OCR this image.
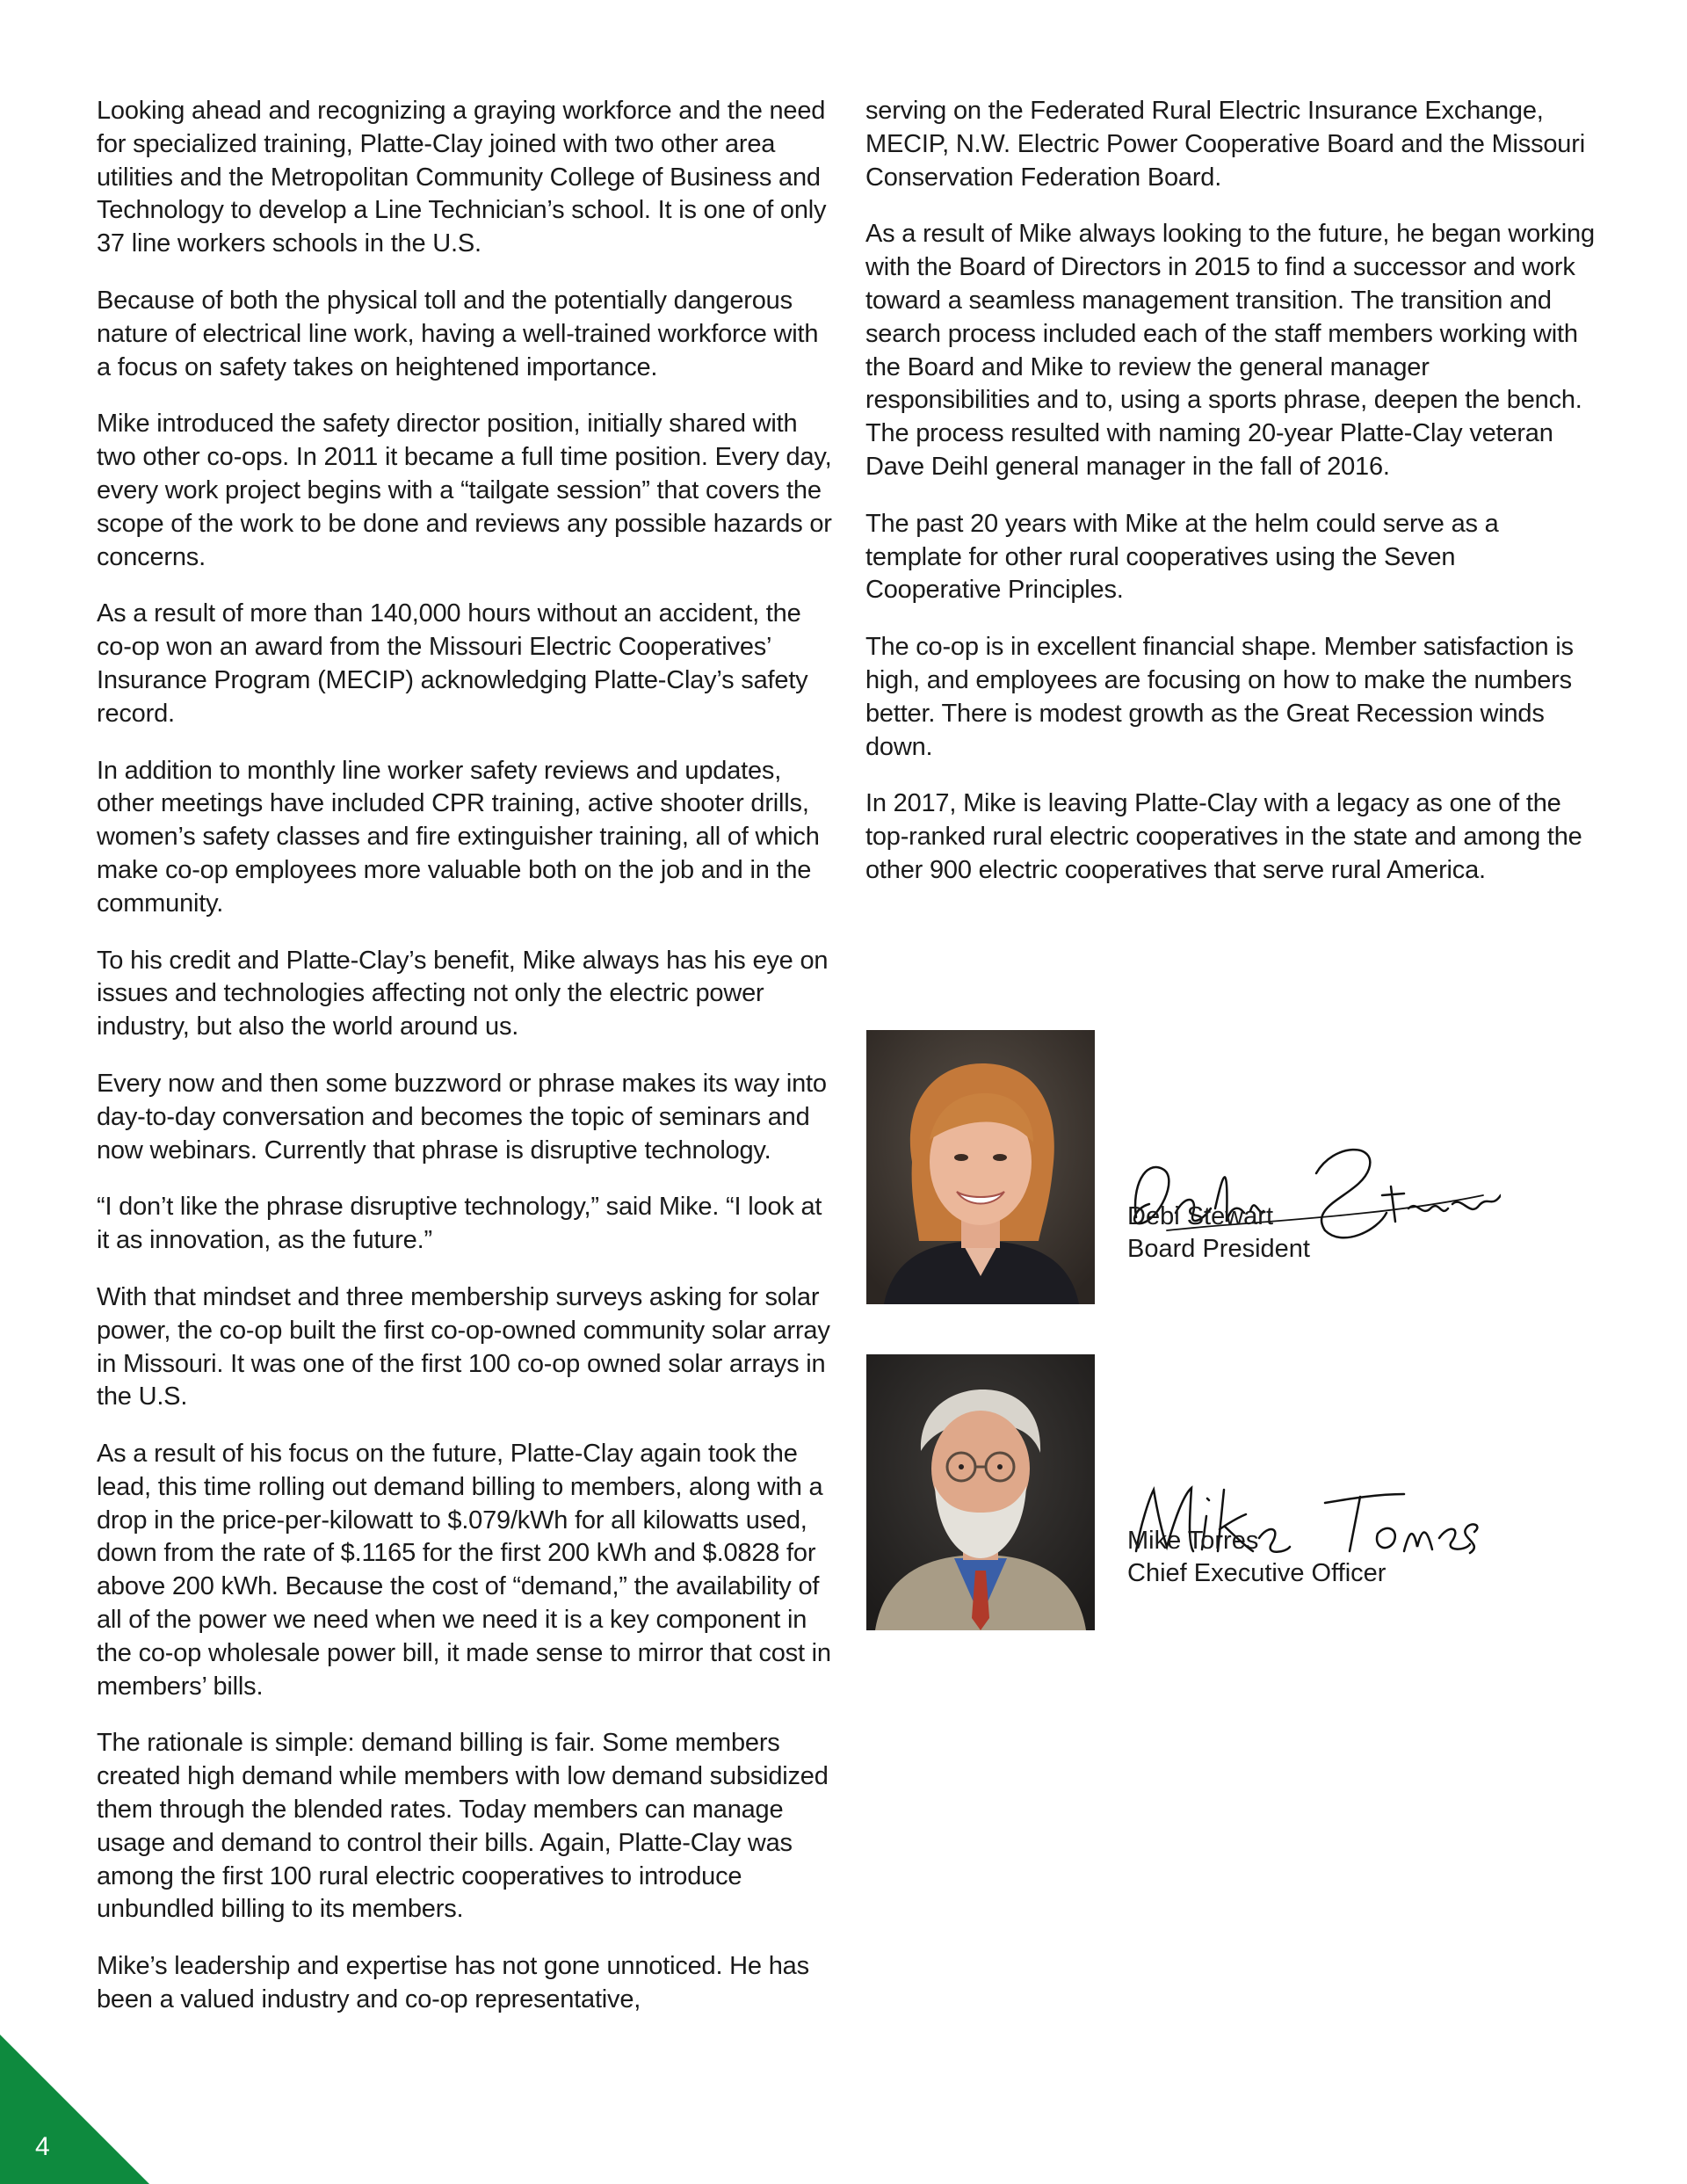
Looking ahead and recognizing a graying workforce and the need for specialized training, Platte-Clay joined with two other area utilities and the Metropolitan Community College of Business and Technology to develop a Line Technician’s school. It is one of only 37 line workers schools in the U.S.

Because of both the physical toll and the potentially dangerous nature of electrical line work, having a well-trained workforce with a focus on safety takes on heightened importance.

Mike introduced the safety director position, initially shared with two other co-ops. In 2011 it became a full time position. Every day, every work project begins with a “tailgate session” that covers the scope of the work to be done and reviews any possible hazards or concerns.

As a result of more than 140,000 hours without an accident, the co-op won an award from the Missouri Electric Cooperatives’ Insurance Program (MECIP) acknowledging Platte-Clay’s safety record.

In addition to monthly line worker safety reviews and updates, other meetings have included CPR training, active shooter drills, women’s safety classes and fire extinguisher training, all of which make co-op employees more valuable both on the job and in the community.

To his credit and Platte-Clay’s benefit, Mike always has his eye on issues and technologies affecting not only the electric power industry, but also the world around us.

Every now and then some buzzword or phrase makes its way into day-to-day conversation and becomes the topic of seminars and now webinars. Currently that phrase is disruptive technology.

“I don’t like the phrase disruptive technology,” said Mike. “I look at it as innovation, as the future.”

With that mindset and three membership surveys asking for solar power, the co-op built the first co-op-owned community solar array in Missouri. It was one of the first 100 co-op owned solar arrays in the U.S.

As a result of his focus on the future, Platte-Clay again took the lead, this time rolling out demand billing to members, along with a drop in the price-per-kilowatt to $.079/kWh for all kilowatts used, down from the rate of $.1165 for the first 200 kWh and $.0828 for above 200 kWh. Because the cost of “demand,” the availability of all of the power we need when we need it is a key component in the co-op wholesale power bill, it made sense to mirror that cost in members’ bills.

The rationale is simple: demand billing is fair. Some members created high demand while members with low demand subsidized them through the blended rates. Today members can manage usage and demand to control their bills. Again, Platte-Clay was among the first 100 rural electric cooperatives to introduce unbundled billing to its members.

Mike’s leadership and expertise has not gone unnoticed. He has been a valued industry and co-op representative,

serving on the Federated Rural Electric Insurance Exchange, MECIP, N.W. Electric Power Cooperative Board and the Missouri Conservation Federation Board.

As a result of Mike always looking to the future, he began working with the Board of Directors in 2015 to find a successor and work toward a seamless management transition. The transition and search process included each of the staff members working with the Board and Mike to review the general manager responsibilities and to, using a sports phrase, deepen the bench. The process resulted with naming 20-year Platte-Clay veteran Dave Deihl general manager in the fall of 2016.

The past 20 years with Mike at the helm could serve as a template for other rural cooperatives using the Seven Cooperative Principles.

The co-op is in excellent financial shape. Member satisfaction is high, and employees are focusing on how to make the numbers better. There is modest growth as the Great Recession winds down.

In 2017, Mike is leaving Platte-Clay with a legacy as one of the top-ranked rural electric cooperatives in the state and among the other 900 electric cooperatives that serve rural America.

Debi Stewart
Board President
Mike Torres
Chief Executive Officer
4
